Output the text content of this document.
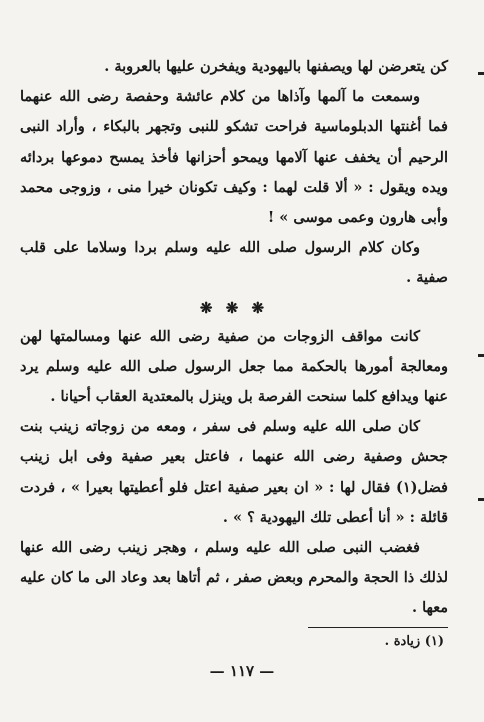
كن يتعرضن لها ويصفنها باليهودية ويفخرن عليها بالعروبة .

وسمعت ما آلمها وآذاها من كلام عائشة وحفصة رضى الله عنهما فما أغنتها الدبلوماسية فراحت تشكو للنبى وتجهر بالبكاء ، وأراد النبى الرحيم أن يخفف عنها آلامها ويمحو أحزانها فأخذ يمسح دموعها بردائه ويده ويقول : « ألا قلت لهما : وكيف تكونان خيرا منى ، وزوجى محمد وأبى هارون وعمى موسى » !

وكان كلام الرسول صلى الله عليه وسلم بردا وسلاما على قلب صفية .

❋ ❋ ❋

كانت مواقف الزوجات من صفية رضى الله عنها ومسالمتها لهن ومعالجة أمورها بالحكمة مما جعل الرسول صلى الله عليه وسلم يرد عنها ويدافع كلما سنحت الفرصة بل وينزل بالمعتدية العقاب أحيانا .

كان صلى الله عليه وسلم فى سفر ، ومعه من زوجاته زينب بنت جحش وصفية رضى الله عنهما ، فاعتل بعير صفية وفى ابل زينب فضل(١) فقال لها : « ان بعير صفية اعتل فلو أعطيتها بعيرا » ، فردت قائلة : « أنا أعطى تلك اليهودية ؟ » .

فغضب النبى صلى الله عليه وسلم ، وهجر زينب رضى الله عنها لذلك ذا الحجة والمحرم وبعض صفر ، ثم أتاها بعد وعاد الى ما كان عليه معها .

(١) زيادة .
— ١١٧ —
